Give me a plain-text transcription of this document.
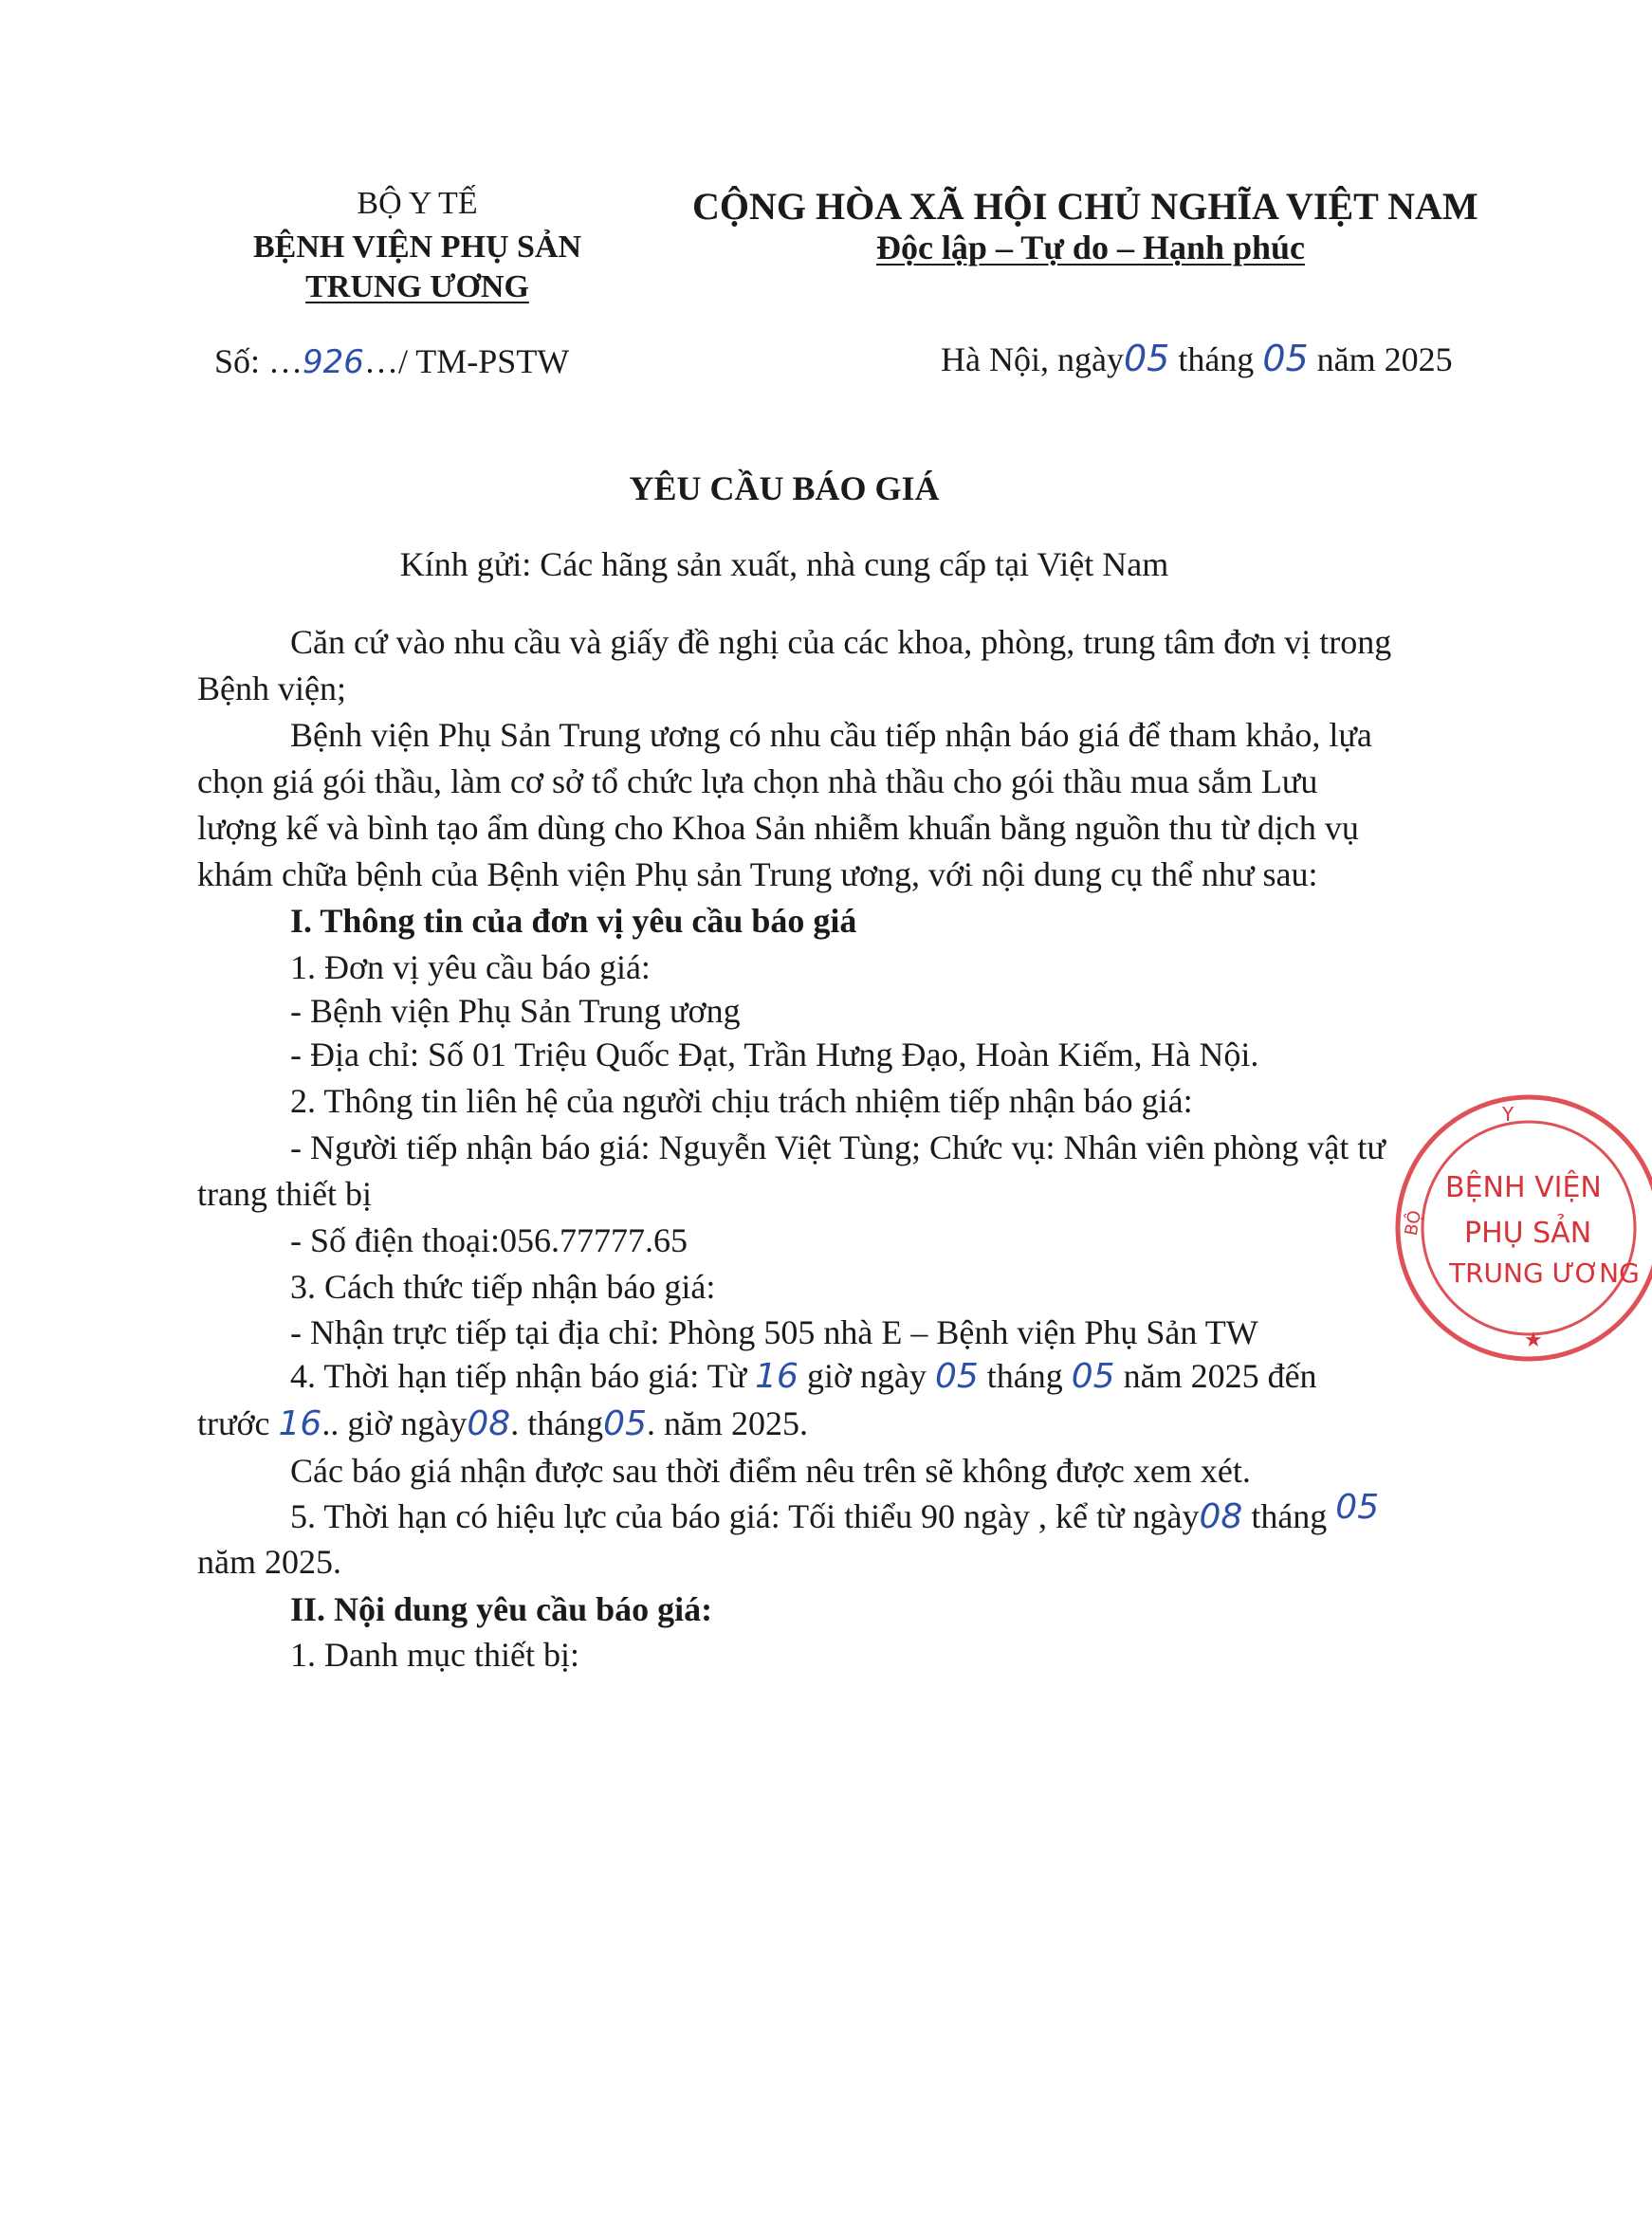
BỘ Y TẾ
BỆNH VIỆN PHỤ SẢN
TRUNG ƯƠNG
Số: …926…/ TM-PSTW
CỘNG HÒA XÃ HỘI CHỦ NGHĨA VIỆT NAM
Độc lập – Tự do – Hạnh phúc
Hà Nội, ngày05 tháng 05 năm 2025
YÊU CẦU BÁO GIÁ
Kính gửi: Các hãng sản xuất, nhà cung cấp tại Việt Nam
Căn cứ vào nhu cầu và giấy đề nghị của các khoa, phòng, trung tâm đơn vị trong
Bệnh viện;
Bệnh viện Phụ Sản Trung ương có nhu cầu tiếp nhận báo giá để tham khảo, lựa
chọn giá gói thầu, làm cơ sở tổ chức lựa chọn nhà thầu cho gói thầu mua sắm Lưu
lượng kế và bình tạo ẩm dùng cho Khoa Sản nhiễm khuẩn bằng nguồn thu từ dịch vụ
khám chữa bệnh của Bệnh viện Phụ sản Trung ương, với nội dung cụ thể như sau:
I. Thông tin của đơn vị yêu cầu báo giá
1. Đơn vị yêu cầu báo giá:
- Bệnh viện Phụ Sản Trung ương
- Địa chỉ: Số 01 Triệu Quốc Đạt, Trần Hưng Đạo, Hoàn Kiếm, Hà Nội.
2. Thông tin liên hệ của người chịu trách nhiệm tiếp nhận báo giá:
- Người tiếp nhận báo giá: Nguyễn Việt Tùng; Chức vụ: Nhân viên phòng vật tư
trang thiết bị
- Số điện thoại:056.77777.65
3. Cách thức tiếp nhận báo giá:
- Nhận trực tiếp tại địa chỉ: Phòng 505 nhà E – Bệnh viện Phụ Sản TW
4. Thời hạn tiếp nhận báo giá: Từ 16 giờ ngày 05 tháng 05 năm 2025 đến
trước 16.. giờ ngày08. tháng05. năm 2025.
Các báo giá nhận được sau thời điểm nêu trên sẽ không được xem xét.
5. Thời hạn có hiệu lực của báo giá: Tối thiểu 90 ngày , kể từ ngày08 tháng 05
năm 2025.
II. Nội dung yêu cầu báo giá:
1. Danh mục thiết bị:
Y
BỘ
BỆNH VIỆN
PHỤ SẢN
TRUNG ƯƠNG
★
